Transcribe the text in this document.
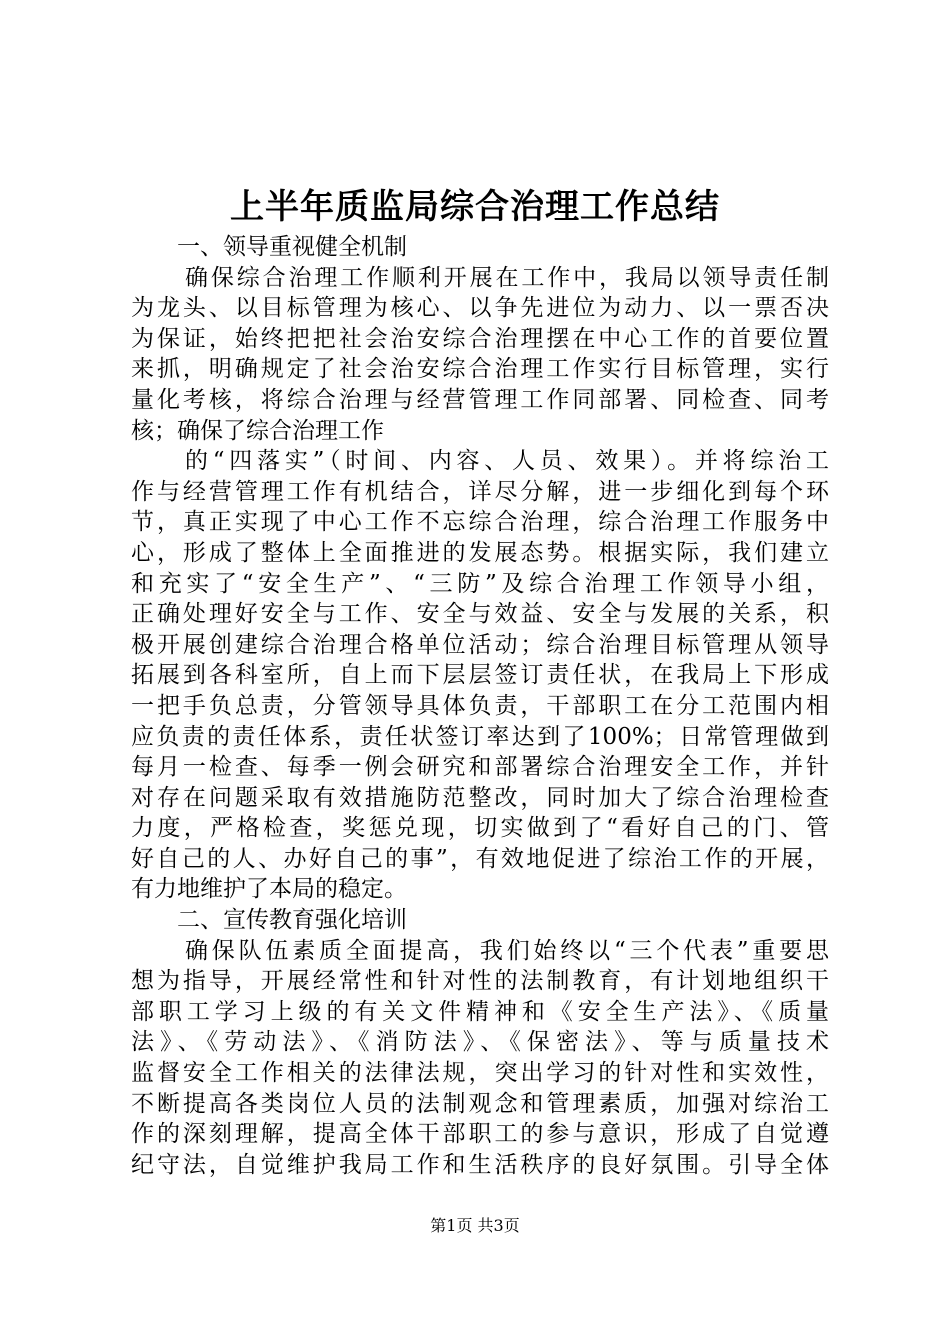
上半年质监局综合治理工作总结
一、领导重视健全机制
确保综合治理工作顺利开展在工作中，我局以领导责任制
为龙头、以目标管理为核心、以争先进位为动力、以一票否决
为保证，始终把把社会治安综合治理摆在中心工作的首要位置
来抓，明确规定了社会治安综合治理工作实行目标管理，实行
量化考核，将综合治理与经营管理工作同部署、同检查、同考
核；确保了综合治理工作
的“四落实”（时间、内容、人员、效果）。并将综治工
作与经营管理工作有机结合，详尽分解，进一步细化到每个环
节，真正实现了中心工作不忘综合治理，综合治理工作服务中
心，形成了整体上全面推进的发展态势。根据实际，我们建立
和充实了“安全生产”、“三防”及综合治理工作领导小组，
正确处理好安全与工作、安全与效益、安全与发展的关系，积
极开展创建综合治理合格单位活动；综合治理目标管理从领导
拓展到各科室所，自上而下层层签订责任状，在我局上下形成
一把手负总责，分管领导具体负责，干部职工在分工范围内相
应负责的责任体系，责任状签订率达到了100%；日常管理做到
每月一检查、每季一例会研究和部署综合治理安全工作，并针
对存在问题采取有效措施防范整改，同时加大了综合治理检查
力度，严格检查，奖惩兑现，切实做到了“看好自己的门、管
好自己的人、办好自己的事”，有效地促进了综治工作的开展，
有力地维护了本局的稳定。
二、宣传教育强化培训
确保队伍素质全面提高，我们始终以“三个代表”重要思
想为指导，开展经常性和针对性的法制教育，有计划地组织干
部职工学习上级的有关文件精神和《安全生产法》、《质量
法》、《劳动法》、《消防法》、《保密法》、等与质量技术
监督安全工作相关的法律法规，突出学习的针对性和实效性，
不断提高各类岗位人员的法制观念和管理素质，加强对综治工
作的深刻理解，提高全体干部职工的参与意识，形成了自觉遵
纪守法，自觉维护我局工作和生活秩序的良好氛围。引导全体
第1页 共3页
